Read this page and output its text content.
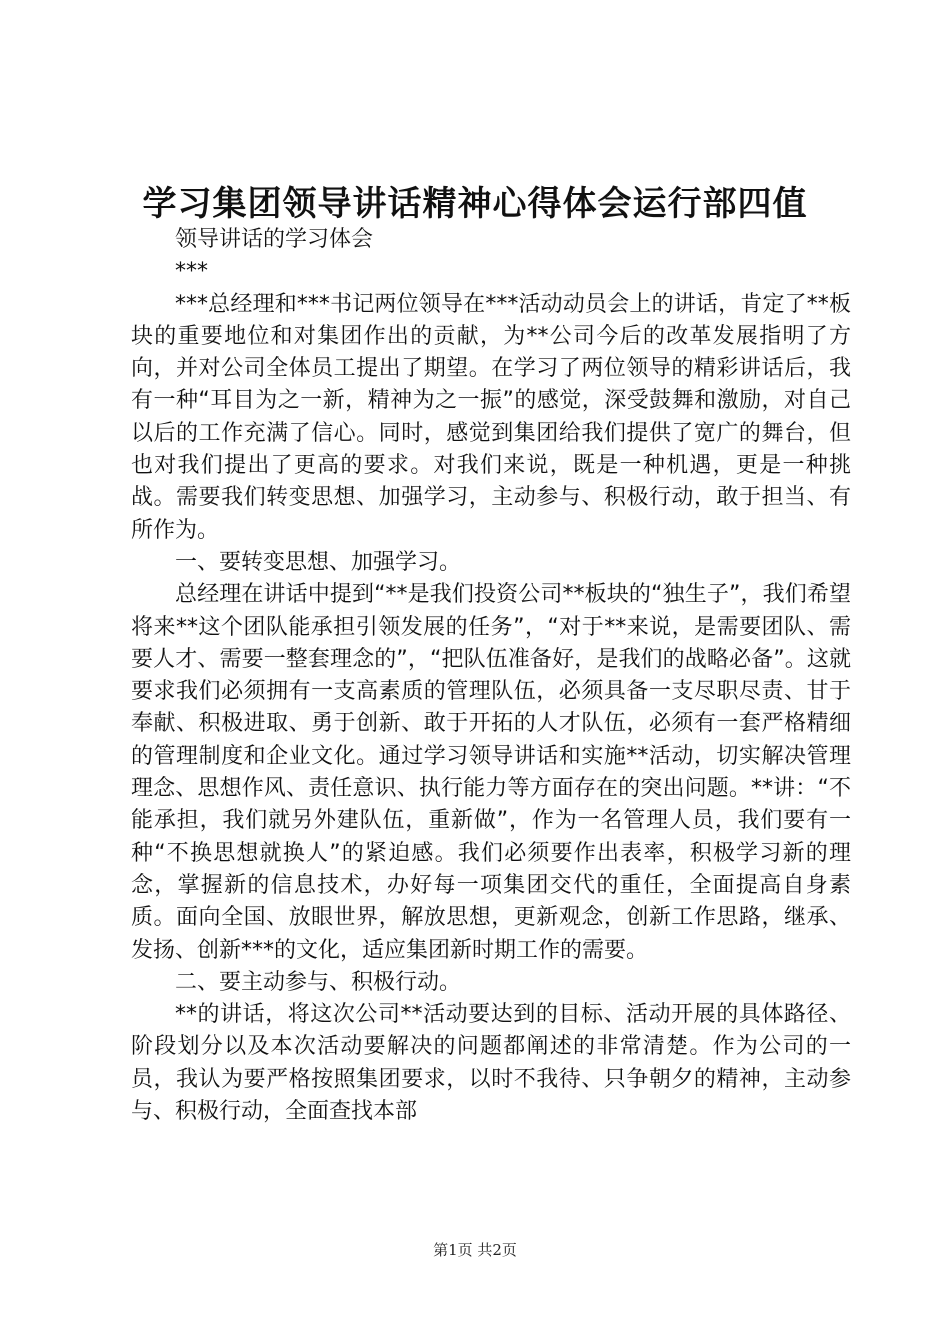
学习集团领导讲话精神心得体会运行部四值

领导讲话的学习体会

***

***总经理和***书记两位领导在***活动动员会上的讲话，肯定了**板块的重要地位和对集团作出的贡献，为**公司今后的改革发展指明了方向，并对公司全体员工提出了期望。在学习了两位领导的精彩讲话后，我有一种“耳目为之一新，精神为之一振”的感觉，深受鼓舞和激励，对自己以后的工作充满了信心。同时，感觉到集团给我们提供了宽广的舞台，但也对我们提出了更高的要求。对我们来说，既是一种机遇，更是一种挑战。需要我们转变思想、加强学习，主动参与、积极行动，敢于担当、有所作为。

一、要转变思想、加强学习。

总经理在讲话中提到“**是我们投资公司**板块的“独生子”，我们希望将来**这个团队能承担引领发展的任务”，“对于**来说，是需要团队、需要人才、需要一整套理念的”，“把队伍准备好，是我们的战略必备”。这就要求我们必须拥有一支高素质的管理队伍，必须具备一支尽职尽责、甘于奉献、积极进取、勇于创新、敢于开拓的人才队伍，必须有一套严格精细的管理制度和企业文化。通过学习领导讲话和实施**活动，切实解决管理理念、思想作风、责任意识、执行能力等方面存在的突出问题。**讲：“不能承担，我们就另外建队伍，重新做”，作为一名管理人员，我们要有一种“不换思想就换人”的紧迫感。我们必须要作出表率，积极学习新的理念，掌握新的信息技术，办好每一项集团交代的重任，全面提高自身素质。面向全国、放眼世界，解放思想，更新观念，创新工作思路，继承、发扬、创新***的文化，适应集团新时期工作的需要。

二、要主动参与、积极行动。

**的讲话，将这次公司**活动要达到的目标、活动开展的具体路径、阶段划分以及本次活动要解决的问题都阐述的非常清楚。作为公司的一员，我认为要严格按照集团要求，以时不我待、只争朝夕的精神，主动参与、积极行动，全面查找本部

第1页 共2页
